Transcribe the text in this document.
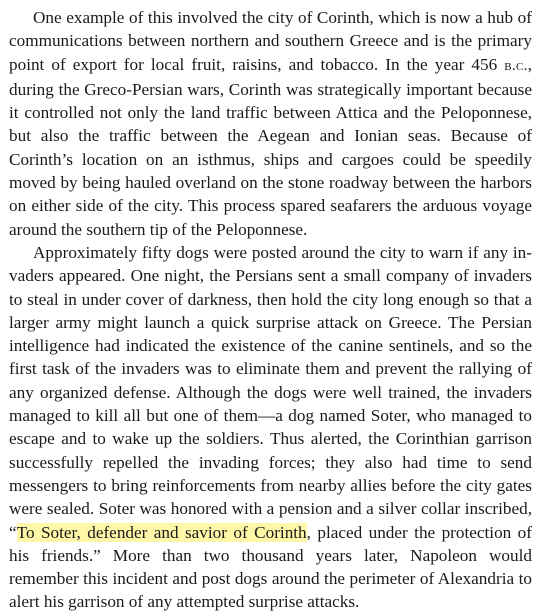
One example of this involved the city of Corinth, which is now a hub of communications between northern and southern Greece and is the primary point of export for local fruit, raisins, and tobacco. In the year 456 b.c., during the Greco-Persian wars, Corinth was strategically important because it controlled not only the land traffic between Attica and the Peloponnese, but also the traffic between the Aegean and Ionian seas. Because of Corinth’s location on an isthmus, ships and cargoes could be speedily moved by being hauled overland on the stone roadway between the harbors on either side of the city. This process spared seafarers the arduous voyage around the southern tip of the Peloponnese.

Approximately fifty dogs were posted around the city to warn if any invaders appeared. One night, the Persians sent a small company of invaders to steal in under cover of darkness, then hold the city long enough so that a larger army might launch a quick surprise attack on Greece. The Persian intelligence had indicated the existence of the canine sentinels, and so the first task of the invaders was to eliminate them and prevent the rallying of any organized defense. Although the dogs were well trained, the invaders managed to kill all but one of them—a dog named Soter, who managed to escape and to wake up the soldiers. Thus alerted, the Corinthian garrison successfully repelled the invading forces; they also had time to send messengers to bring reinforcements from nearby allies before the city gates were sealed. Soter was honored with a pension and a silver collar inscribed, “To Soter, defender and savior of Corinth, placed under the protection of his friends.” More than two thousand years later, Napoleon would remember this incident and post dogs around the perimeter of Alexandria to alert his garrison of any attempted surprise attacks.
